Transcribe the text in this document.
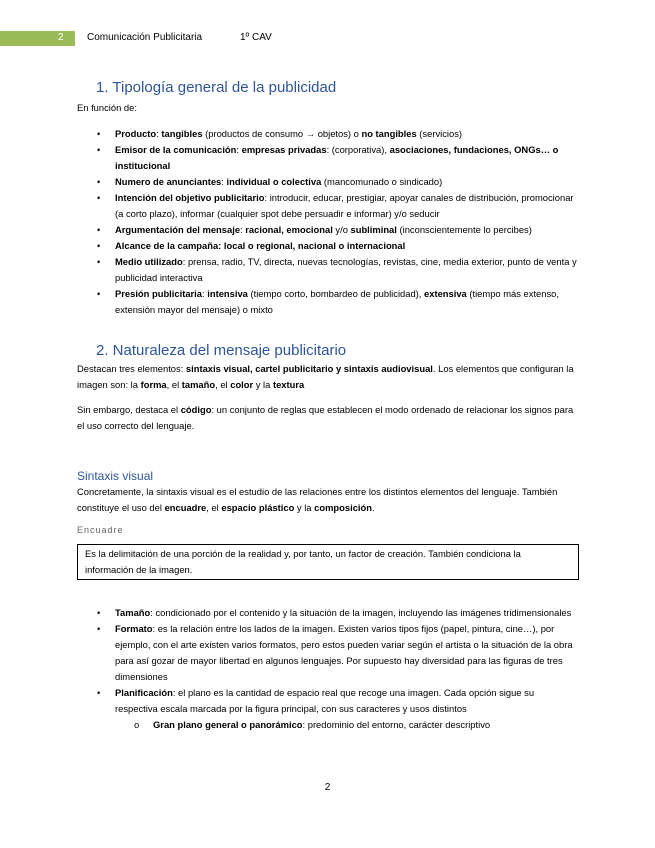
2 Comunicación Publicitaria	1º CAV
1. Tipología general de la publicidad

En función de:

• Producto: tangibles (productos de consumo → objetos) o no tangibles (servicios)
• Emisor de la comunicación: empresas privadas: (corporativa), asociaciones, fundaciones, ONGs… o institucional
• Numero de anunciantes: individual o colectiva (mancomunado o sindicado)
• Intención del objetivo publicitario: introducir, educar, prestigiar, apoyar canales de distribución, promocionar (a corto plazo), informar (cualquier spot debe persuadir e informar) y/o seducir
• Argumentación del mensaje: racional, emocional y/o subliminal (inconscientemente lo percibes)
• Alcance de la campaña: local o regional, nacional o internacional
• Medio utilizado: prensa, radio, TV, directa, nuevas tecnologías, revistas, cine, media exterior, punto de venta y publicidad interactiva
• Presión publicitaria: intensiva (tiempo corto, bombardeo de publicidad), extensiva (tiempo más extenso, extensión mayor del mensaje) o mixto
2. Naturaleza del mensaje publicitario

Destacan tres elementos: sintaxis visual, cartel publicitario y sintaxis audiovisual. Los elementos que configuran la imagen son: la forma, el tamaño, el color y la textura

Sin embargo, destaca el código: un conjunto de reglas que establecen el modo ordenado de relacionar los signos para el uso correcto del lenguaje.

Sintaxis visual

Concretamente, la sintaxis visual es el estudio de las relaciones entre los distintos elementos del lenguaje. También constituye el uso del encuadre, el espacio plástico y la composición.

Encuadre
Es la delimitación de una porción de la realidad y, por tanto, un factor de creación. También condiciona la información de la imagen.
• Tamaño: condicionado por el contenido y la situación de la imagen, incluyendo las imágenes tridimensionales
• Formato: es la relación entre los lados de la imagen. Existen varios tipos fijos (papel, pintura, cine…), por ejemplo, con el arte existen varios formatos, pero estos pueden variar según el artista o la situación de la obra para así gozar de mayor libertad en algunos lenguajes. Por supuesto hay diversidad para las figuras de tres dimensiones
• Planificación: el plano es la cantidad de espacio real que recoge una imagen. Cada opción sigue su respectiva escala marcada por la figura principal, con sus caracteres y usos distintos
o Gran plano general o panorámico: predominio del entorno, carácter descriptivo
2
